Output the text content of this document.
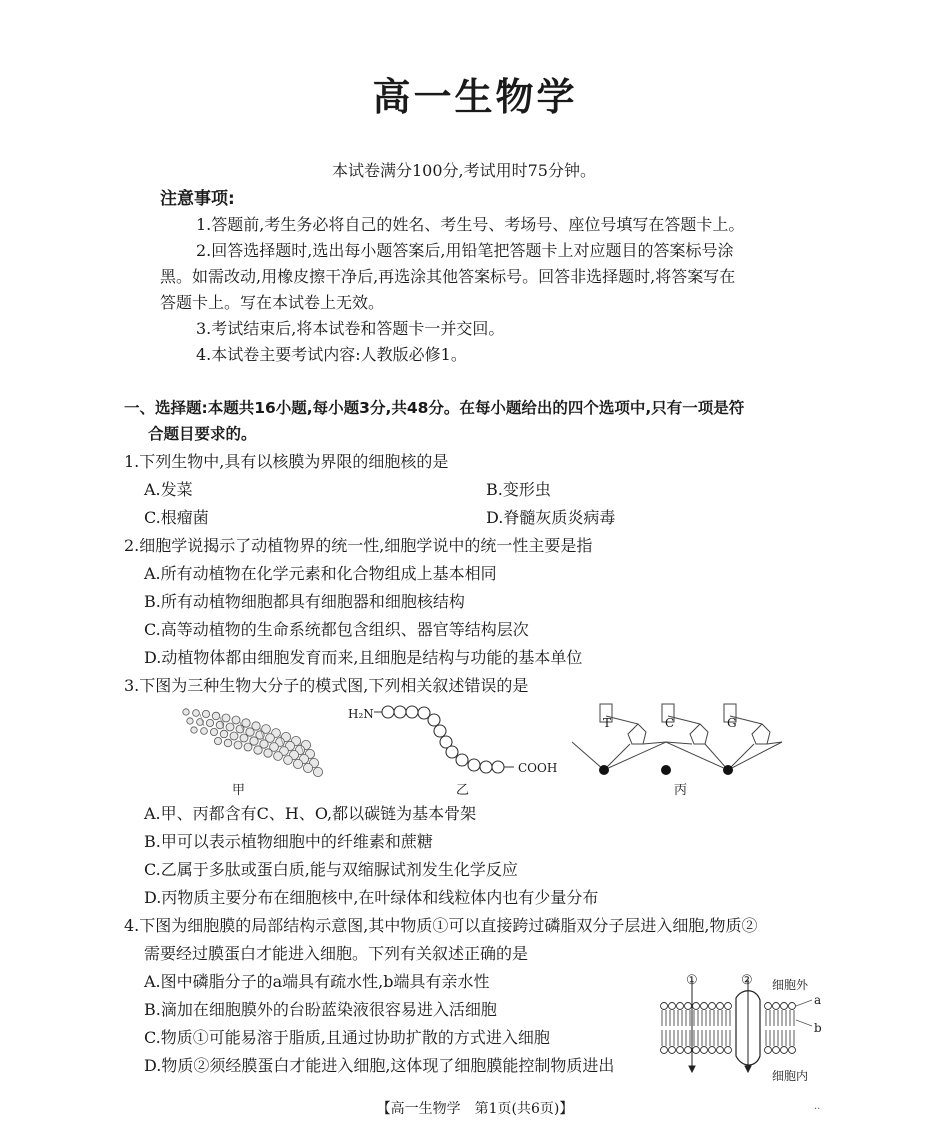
高一生物学
本试卷满分100分,考试用时75分钟。
注意事项:
1.答题前,考生务必将自己的姓名、考生号、考场号、座位号填写在答题卡上。
2.回答选择题时,选出每小题答案后,用铅笔把答题卡上对应题目的答案标号涂
黑。如需改动,用橡皮擦干净后,再选涂其他答案标号。回答非选择题时,将答案写在
答题卡上。写在本试卷上无效。
3.考试结束后,将本试卷和答题卡一并交回。
4.本试卷主要考试内容:人教版必修1。
一、选择题:本题共16小题,每小题3分,共48分。在每小题给出的四个选项中,只有一项是符
合题目要求的。
1.下列生物中,具有以核膜为界限的细胞核的是
A.发菜	B.变形虫
C.根瘤菌	D.脊髓灰质炎病毒
2.细胞学说揭示了动植物界的统一性,细胞学说中的统一性主要是指
A.所有动植物在化学元素和化合物组成上基本相同
B.所有动植物细胞都具有细胞器和细胞核结构
C.高等动植物的生命系统都包含组织、器官等结构层次
D.动植物体都由细胞发育而来,且细胞是结构与功能的基本单位
3.下图为三种生物大分子的模式图,下列相关叙述错误的是
甲
H₂N
COOH
乙
T	C	G
丙
A.甲、丙都含有C、H、O,都以碳链为基本骨架
B.甲可以表示植物细胞中的纤维素和蔗糖
C.乙属于多肽或蛋白质,能与双缩脲试剂发生化学反应
D.丙物质主要分布在细胞核中,在叶绿体和线粒体内也有少量分布
4.下图为细胞膜的局部结构示意图,其中物质①可以直接跨过磷脂双分子层进入细胞,物质②
需要经过膜蛋白才能进入细胞。下列有关叙述正确的是
A.图中磷脂分子的a端具有疏水性,b端具有亲水性
B.滴加在细胞膜外的台盼蓝染液很容易进入活细胞
C.物质①可能易溶于脂质,且通过协助扩散的方式进入细胞
D.物质②须经膜蛋白才能进入细胞,这体现了细胞膜能控制物质进出
①	② 细胞外
a
b
细胞内
【高一生物学　第1页(共6页)】	··
